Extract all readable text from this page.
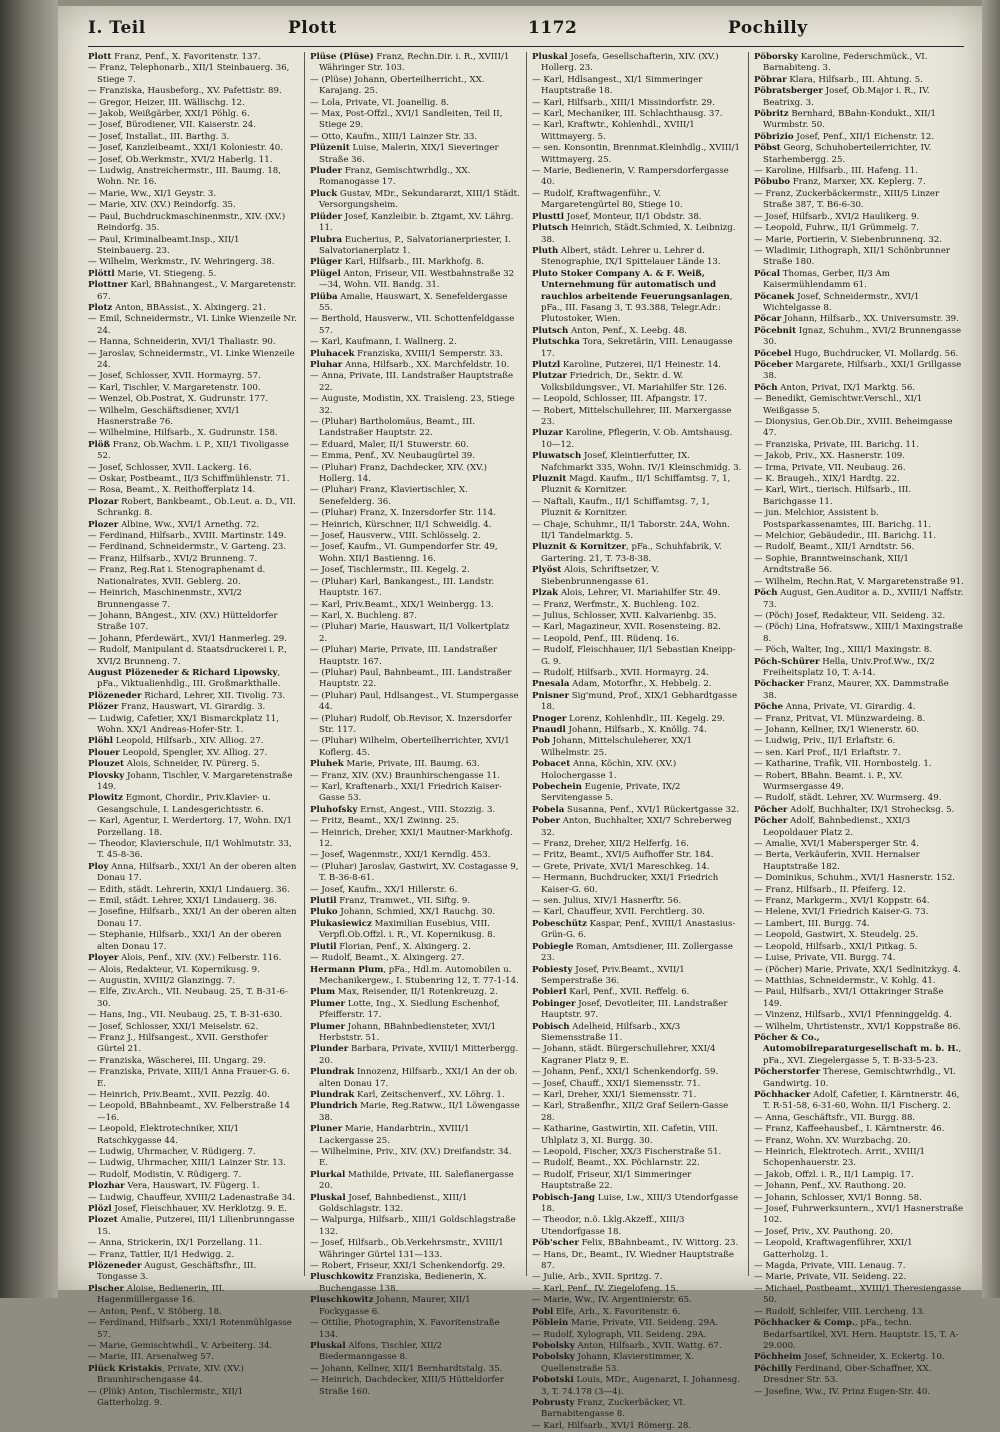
I. Teil	Plott	1172	Pochilly

Plott Franz, Penf., X. Favoritenstr. 137.

— Franz, Telephonarb., XII/1 Steinbauerg. 36, Stiege 7.

— Franziska, Hausbeforg., XV. Pafettistr. 89.

— Gregor, Heizer, III. Wällischg. 12.

— Jakob, Weißgärber, XXI/1 Pöhlg. 6.

— Josef, Bürodiener, VII. Kaiserstr. 24.

— Josef, Installat., III. Barthg. 3.

— Josef, Kanzleibeamt., XXI/1 Koloniestr. 40.

— Josef, Ob.Werkmstr., XVI/2 Haberlg. 11.

— Ludwig, Anstreichermstr., III. Baumg. 18, Wohn. Nr. 16.

— Marie, Ww., XI/1 Geystr. 3.

— Marie, XIV. (XV.) Reindorfg. 35.

— Paul, Buchdruckmaschinenmstr., XIV. (XV.) Reindorfg. 35.

— Paul, Kriminalbeamt.Insp., XII/1 Steinbauerg. 23.

— Wilhelm, Werkmstr., IV. Wehringerg. 38.

Plöttl Marie, VI. Stiegeng. 5.

Plottner Karl, BBahnangest., V. Margaretenstr. 67.

Plotz Anton, BBAssist., X. Alxingerg. 21.

— Emil, Schneidermstr., VI. Linke Wienzeile Nr. 24.

— Hanna, Schneiderin, XVI/1 Thaliastr. 90.

— Jaroslav, Schneidermstr., VI. Linke Wienzeile 24.

— Josef, Schlosser, XVII. Hormayrg. 57.

— Karl, Tischler, V. Margaretenstr. 100.

— Wenzel, Ob.Postrat, X. Gudrunstr. 177.

— Wilhelm, Geschäftsdiener, XVI/1 Hasnerstraße 76.

— Wilhelmine, Hilfsarb., X. Gudrunstr. 158.

Plöß Franz, Ob.Wachm. i. P., XII/1 Tivoligasse 52.

— Josef, Schlosser, XVII. Lackerg. 16.

— Oskar, Postbeamt., II/3 Schiffmühlenstr. 71.

— Rosa, Beamt., X. Reithofferplatz 14.

Plozar Robert, Bankbeamt., Ob.Leut. a. D., VII. Schrankg. 8.

Plozer Albine, Ww., XVI/1 Arnethg. 72.

— Ferdinand, Hilfsarb., XVIII. Martinstr. 149.

— Ferdinand, Schneidermstr., V. Garteng. 23.

— Franz, Hilfsarb., XVI/2 Brunneng. 7.

— Franz, Reg.Rat i. Stenographenamt d. Nationalrates, XVII. Geblerg. 20.

— Heinrich, Maschinenmstr., XVI/2 Brunnengasse 7.

— Johann, BAngest., XIV. (XV.) Hütteldorfer Straße 107.

— Johann, Pferdewärt., XVI/1 Hanmerleg. 29.

— Rudolf, Manipulant d. Staatsdruckerei i. P., XVI/2 Brunneng. 7.

August Plözeneder & Richard Lipowsky, pFa., Viktualienhdlg., III. Großmarkthalle.

Plözeneder Richard, Lehrer, XII. Tivolig. 73.

Plözer Franz, Hauswart, VI. Girardig. 3.

— Ludwig, Cafetier, XX/1 Bismarckplatz 11, Wohn. XX/1 Andreas-Hofer-Str. 1.

Plöhl Leopold, Hilfsarb., XIV. Alliog. 27.

Plouer Leopold, Spengler, XV. Alliog. 27.

Plouzet Alois, Schneider, IV. Pürerg. 5.

Plovsky Johann, Tischler, V. Margaretenstraße 149.

Plowitz Egmont, Chordir., Priv.Klavier- u. Gesangschule, I. Landesgerichtsstr. 6.

— Karl, Agentur, I. Werdertorg. 17, Wohn. IX/1 Porzellang. 18.

— Theodor, Klavierschule, II/1 Wohlmutstr. 33, T. 45-8-36.

Ploy Anna, Hilfsarb., XXI/1 An der oberen alten Donau 17.

— Edith, städt. Lehrerin, XXI/1 Lindauerg. 36.

— Emil, städt. Lehrer, XXI/1 Lindauerg. 36.

— Josefine, Hilfsarb., XXI/1 An der oberen alten Donau 17.

— Stephanie, Hilfsarb., XXI/1 An der oberen alten Donau 17.

Ployer Alois, Penf., XIV. (XV.) Felberstr. 116.

— Alois, Redakteur, VI. Kopernikusg. 9.

— Augustin, XVIII/2 Glanzingg. 7.

— Elfe, Ziv.Arch., VII. Neubaug. 25, T. B-31-6-30.

— Hans, Ing., VII. Neubaug. 25, T. B-31-630.

— Josef, Schlosser, XXI/1 Meiselstr. 62.

— Franz J., Hilfsangest., XVII. Gersthofer Gürtel 21.

— Franziska, Wäscherei, III. Ungarg. 29.

— Franziska, Private, XIII/1 Anna Frauer-G. 6. E.

— Heinrich, Priv.Beamt., XVII. Pezzlg. 40.

— Leopold, BBahnbeamt., XV. Felberstraße 14—16.

— Leopold, Elektrotechniker, XII/1 Ratschkygasse 44.

— Ludwig, Uhrmacher, V. Rüdigerg. 7.

— Ludwig, Uhrmacher, XIII/1 Lainzer Str. 13.

— Rudolf, Modistin, V. Rüdigerg. 7.

Plozhar Vera, Hauswart, IV. Fügerg. 1.

— Ludwig, Chauffeur, XVIII/2 Ladenastraße 34.

Plözl Josef, Fleischhauer, XV. Herklotzg. 9. E.

Plozet Amalie, Putzerei, III/1 Lilienbrunngasse 15.

— Anna, Strickerin, IX/1 Porzellang. 11.

— Franz, Tattler, II/1 Hedwigg. 2.

Plözeneder August, Geschäftsfhr., III. Tongasse 3.

Plscher Aloise, Bedienerin, III. Hagenmüllergasse 16.

— Anton, Penf., V. Stöberg. 18.

— Ferdinand, Hilfsarb., XXI/1 Rotenmühlgasse 57.

— Marie, Gemischtwhdl., V. Arbeiterg. 34.

— Marie, III. Arsenalweg 57.

Plück Kristakis, Private, XIV. (XV.) Braunhirschengasse 44.

— (Plük) Anton, Tischlermstr., XII/1 Gatterholzg. 9.

Plüse (Plüse) Franz, Rechn.Dir. i. R., XVIII/1 Währinger Str. 103.

— (Plüse) Johann, Oberteilherricht., XX. Karajang. 25.

— Lola, Private, VI. Joanellig. 8.

— Max, Post-Offzl., XVI/1 Sandleiten, Teil II, Stiege 29.

— Otto, Kaufm., XIII/1 Lainzer Str. 33.

Plüzenit Luise, Malerin, XIX/1 Sieveringer Straße 36.

Pluder Franz, Gemischtwrhdlg., XX. Romanogasse 17.

Pluck Gustav, MDr., Sekundararzt, XIII/1 Städt. Versorgungsheim.

Plüder Josef, Kanzleibir. b. Ztgamt, XV. Lährg. 11.

Plubra Eucherius, P., Salvatorianerpriester, I. Salvatorianerplatz 1.

Plüger Karl, Hilfsarb., III. Markhofg. 8.

Plügel Anton, Friseur, VII. Westbahnstraße 32—34, Wohn. VII. Bandg. 31.

Plüba Amalie, Hauswart, X. Senefeldergasse 55.

— Berthold, Hausverw., VII. Schottenfeldgasse 57.

— Karl, Kaufmann, I. Wallnerg. 2.

Pluhacek Franziska, XVIII/1 Semperstr. 33.

Pluhar Anna, Hilfsarb., XX. Marchfeldstr. 10.

— Anna, Private, III. Landstraßer Hauptstraße 22.

— Auguste, Modistin, XX. Traisleng. 23, Stiege 32.

— (Pluhar) Bartholomäus, Beamt., III. Landstraßer Hauptstr. 22.

— Eduard, Maler, II/1 Stuwerstr. 60.

— Emma, Penf., XV. Neubaugürtel 39.

— (Pluhar) Franz, Dachdecker, XIV. (XV.) Hollerg. 14.

— (Pluhar) Franz, Klaviertischler, X. Senefelderg. 36.

— (Pluhar) Franz, X. Inzersdorfer Str. 114.

— Heinrich, Kürschner, II/1 Schweidlg. 4.

— Josef, Hausverw., VIII. Schlösselg. 2.

— Josef, Kaufm., VI. Gumpendorfer Str. 49, Wohn. XII/1 Bastienng. 16.

— Josef, Tischlermstr., III. Kegelg. 2.

— (Pluhar) Karl, Bankangest., III. Landstr. Hauptstr. 167.

— Karl, Priv.Beamt., XIX/1 Weinbergg. 13.

— Karl, X. Buchleng. 87.

— (Pluhar) Marie, Hauswart, II/1 Volkertplatz 2.

— (Pluhar) Marie, Private, III. Landstraßer Hauptstr. 167.

— (Pluhar) Paul, Bahnbeamt., III. Landstraßer Hauptstr. 22.

— (Pluhar) Paul, Hdlsangest., VI. Stumpergasse 44.

— (Pluhar) Rudolf, Ob.Revisor, X. Inzersdorfer Str. 117.

— (Pluhar) Wilhelm, Oberteilherrichter, XVI/1 Koflerg. 45.

Pluhek Marie, Private, III. Baumg. 63.

— Franz, XIV. (XV.) Braunhirschengasse 11.

— Karl, Kraftenarb., XXI/1 Friedrich Kaiser-Gasse 53.

Pluhofsky Ernst, Angest., VIII. Stozzig. 3.

— Fritz, Beamt., XX/1 Zwinng. 25.

— Heinrich, Dreher, XXI/1 Mautner-Markhofg. 12.

— Josef, Wagenmstr., XXI/1 Kerndlg. 453.

— (Pluhar) Jaroslav, Gastwirt, XV. Costagasse 9, T. B-36-8-61.

— Josef, Kaufm., XX/1 Hillerstr. 6.

Plutil Franz, Tramwet., VII. Siftg. 9.

Pluko Johann, Schmied, XX/1 Rauchg. 30.

Plukasiewicz Maximilian Eusebius, VIII. Verpfl.Ob.Offzl. i. R., VI. Kopernikusg. 8.

Plutil Florian, Penf., X. Alxingerg. 2.

— Rudolf, Beamt., X. Alxingerg. 27.

Hermann Plum, pFa., Hdl.m. Automobilen u. Mechanikergew., I. Stubenring 12, T. 77-1-14.

Plum Max, Reisender, II/1 Rotenkreuzg. 2.

Plumer Lotte, Ing., X. Siedlung Eschenhof, Pfeifferstr. 17.

Plumer Johann, BBahnbediensteter, XVI/1 Herbststr. 51.

Plunder Barbara, Private, XVIII/1 Mitterbergg. 20.

Plundrak Innozenz, Hilfsarb., XXI/1 An der ob. alten Donau 17.

Plundrak Karl, Zeitschenverf., XV. Löhrg. 1.

Plundrich Marie, Reg.Ratww., II/1 Löwengasse 38.

Pluner Marie, Handarbtrin., XVIII/1 Lackergasse 25.

— Wilhelmine, Priv., XIV. (XV.) Dreifandstr. 34. E.

Plurkal Mathilde, Private, III. Saleflanergasse 20.

Pluskal Josef, Bahnbedienst., XIII/1 Goldschlagstr. 132.

— Walpurga, Hilfsarb., XIII/1 Goldschlagstraße 132.

— Josef, Hilfsarb., Ob.Verkehrsmstr., XVIII/1 Währinger Gürtel 131—133.

— Robert, Friseur, XXI/1 Schenkendorfg. 29.

Pluschkowitz Franziska, Bedienerin, X. Buchengasse 138.

Pluschkowitz Johann, Maurer, XII/1 Fockygasse 6.

— Ottilie, Photographin, X. Favoritenstraße 134.

Pluskal Alfons, Tischler, XII/2 Biedermanngasse 8.

— Johann, Kellner, XII/1 Bernhardtstalg. 35.

— Heinrich, Dachdecker, XIII/5 Hütteldorfer Straße 160.

Pluskal Josefa, Gesellschafterin, XIV. (XV.) Hollerg. 23.

— Karl, Hdlsangest., XI/1 Simmeringer Hauptstraße 18.

— Karl, Hilfsarb., XIII/1 Missindorfstr. 29.

— Karl, Mechaniker, III. Schlachthausg. 37.

— Karl, Kraftwtr., Kohlenhdl., XVIII/1 Wittmayerg. 5.

— sen. Konsontin, Brennmat.Kleinhdlg., XVIII/1 Wittmayerg. 25.

— Marie, Bedienerin, V. Rampersdorfergasse 40.

— Rudolf, Kraftwagenführ., V. Margaretengürtel 80, Stiege 10.

Plusttl Josef, Monteur, II/1 Obdstr. 38.

Plutsch Heinrich, Städt.Schmied, X. Leibnizg. 38.

Pluth Albert, städt. Lehrer u. Lehrer d. Stenographie, IX/1 Spittelauer Lände 13.

Pluto Stoker Company A. & F. Weiß, Unternehmung für automatisch und rauchlos arbeitende Feuerungsanlagen, pFa., III. Fasang 3, T. 93.388, Telegr.Adr.: Plutostoker, Wien.

Plutsch Anton, Penf., X. Leebg. 48.

Plutschka Tora, Sekretärin, VIII. Lenaugasse 17.

Plutzl Karoline, Putzerei, II/1 Heinestr. 14.

Plutzar Friedrich, Dr., Sektr. d. W. Volksbildungsver., VI. Mariahilfer Str. 126.

— Leopold, Schlosser, III. Afpangstr. 17.

— Robert, Mittelschullehrer, III. Marxergasse 23.

Pluzar Karoline, Pflegerin, V. Ob. Amtshausg. 10—12.

Pluwatsch Josef, Kleintierfutter, IX. Nafchmarkt 335, Wohn. IV/1 Kleinschmidg. 3.

Pluznit Magd. Kaufm., II/1 Schiffamtsg. 7, 1, Pluznit & Kornitzer.

— Naftali, Kaufm., II/1 Schiffamtsg. 7, 1, Pluznit & Kornitzer.

— Chaje, Schuhmr., II/1 Taborstr. 24A, Wohn. II/1 Tandelmarktg. 5.

Pluznit & Kornitzer, pFa., Schuhfabrik, V. Gartering. 21, T. 73-8-38.

Plyöst Alois, Schriftsetzer, V. Siebenbrunnengasse 61.

Plzak Alois, Lehrer, VI. Mariahilfer Str. 49.

— Franz, Werfmstr., X. Buchleng. 102.

— Julius, Schlosser, XVII. Kalvarienbg. 35.

— Karl, Magazineur, XVII. Rosensteing. 82.

— Leopold, Penf., III. Rüdenq. 16.

— Rudolf, Fleischhauer, II/1 Sebastian Kneipp-G. 9.

— Rudolf, Hilfsarb., XVII. Hormayrg. 24.

Pnesala Adam, Motorfhr., X. Hebbelg. 2.

Pnisner Sig'mund, Prof., XIX/1 Gebhardtgasse 18.

Pnoger Lorenz, Kohlenhdlr., III. Kegelg. 29.

Pnaudl Johann, Hilfsarb., X. Knöllg. 74.

Pob Johann, Mittelschuleherer, XX/1 Wilhelmstr. 25.

Pobacet Anna, Köchin, XIV. (XV.) Holochergasse 1.

Pobechein Eugenie, Private, IX/2 Servitengasse 5.

Pobela Susanna, Penf., XVI/1 Rückertgasse 32.

Pober Anton, Buchhalter, XXI/7 Schreberweg 32.

— Franz, Dreher, XII/2 Helferfg. 16.

— Fritz, Beamt., XVI/5 Aufhoffer Str. 184.

— Grete, Private, XVI/1 Mareschkeg. 14.

— Hermann, Buchdrucker, XXI/1 Friedrich Kaiser-G. 60.

— sen. Julius, XIV/1 Hasnerftr. 56.

— Karl, Chauffeur, XVII. Ferchtlerg. 30.

Pobeschütz Kaspar, Penf., XVIII/1 Anastasius-Grün-G. 6.

Pobiegle Roman, Amtsdiener, III. Zollergasse 23.

Pobiesty Josef, Priv.Beamt., XVII/1 Semperstraße 36.

Pobierl Karl, Penf., XVII. Reffelg. 6.

Pobinger Josef, Devotleiter, III. Landstraßer Hauptstr. 97.

Pobisch Adelheid, Hilfsarb., XX/3 Siemensstraße 11.

— Johann, städt. Bürgerschullehrer, XXI/4 Kagraner Platz 9, E.

— Johann, Penf., XXI/1 Schenkendorfg. 59.

— Josef, Chauff., XXI/1 Siemensstr. 71.

— Karl, Dreher, XXI/1 Siemensstr. 71.

— Karl, Straßenfhr., XII/2 Graf Seilern-Gasse 28.

— Katharine, Gastwirtin, XII. Cafetin, VIII. Uhlplatz 3, XI. Burgg. 30.

— Leopold, Fischer, XX/3 Fischerstraße 51.

— Rudolf, Beamt., XX. Pöchlarnstr. 22.

— Rudolf, Friseur, XI/1 Simmeringer Hauptstraße 22.

Pobisch-Jang Luise, Lw., XIII/3 Utendorfgasse 18.

— Theodor, n.ö. Lklg.Akzeff., XIII/3 Utendorfgasse 18.

Pöb'scher Felix, BBahnbeamt., IV. Wittorg. 23.

— Hans, Dr., Beamt., IV. Wiedner Hauptstraße 87.

— Julie, Arb., XVII. Spritzg. 7.

— Karl, Penf., IV. Ziegelofeng. 15.

— Marie, Ww., IV. Argentinierstr. 65.

Pobl Elfe, Arb., X. Favoritenstr. 6.

Pöblein Marie, Private, VII. Seideng. 29A.

— Rudolf, Xylograph, VII. Seideng. 29A.

Pobolsky Anton, Hilfsarb., XVII. Wattg. 67.

Pobolsky Johann, Klavierstimmer, X. Quellenstraße 53.

Pobotski Louis, MDr., Augenarzt, I. Johannesg. 3, T. 74.178 (3—4).

Pobrusty Franz, Zuckerbäcker, VI. Barnabitengasse 8.

— Karl, Hilfsarb., XVI/1 Römerg. 28.

Pöborsky Karoline, Federschmück., VI. Barnabiteng. 3.

Pöbrar Klara, Hilfsarb., III. Ahtung. 5.

Pöbratsberger Josef, Ob.Major i. R., IV. Beatrixg. 3.

Pöbritz Bernhard, BBahn-Kondukt., XII/1 Wurmbstr. 50.

Pöbrizio Josef, Penf., XII/1 Eichenstr. 12.

Pöbst Georg, Schuhoberteilerrichter, IV. Starhembergg. 25.

— Karoline, Hilfsarb., III. Hafeng. 11.

Pöbubo Franz, Marxer, XX. Keplerg. 7.

— Franz, Zuckerbäckermstr., XIII/5 Linzer Straße 387, T. B6-6-30.

— Josef, Hilfsarb., XVI/2 Haulikerg. 9.

— Leopold, Fuhrw., II/1 Grümmelg. 7.

— Marie, Portierin, V. Siebenbrunnenq. 32.

— Wladimir, Lithograph, XII/1 Schönbrunner Straße 180.

Pöcal Thomas, Gerber, II/3 Am Kaisermühlendamm 61.

Pöcanek Josef, Schneidermstr., XVI/1 Wichtelgasse 8.

Pöcar Johann, Hilfsarb., XX. Universumstr. 39.

Pöcebnit Ignaz, Schuhm., XVI/2 Brunnengasse 30.

Pöcebel Hugo, Buchdrucker, VI. Mollardg. 56.

Pöceber Margarete, Hilfsarb., XXI/1 Grillgasse 38.

Pöch Anton, Privat, IX/1 Marktg. 56.

— Benedikt, Gemischtwr.Verschl., XI/1 Weißgasse 5.

— Dionysius, Ger.Ob.Dir., XVIII. Beheimgasse 47.

— Franziska, Private, III. Barichg. 11.

— Jakob, Priv., XX. Hasnerstr. 109.

— Irma, Private, VII. Neubaug. 26.

— K. Braugeh., XIX/1 Hardtg. 22.

— Karl, Wirt., tierisch. Hilfsarb., III. Barichgasse 11.

— jun. Melchior, Assistent b. Postsparkassenamtes, III. Barichg. 11.

— Melchior, Gebäudedir., III. Barichg. 11.

— Rudolf, Beamt., XII/1 Arndtstr. 56.

— Sophie, Branntweinschank, XII/1 Arndtstraße 56.

— Wilhelm, Rechn.Rat, V. Margaretenstraße 91.

Pöch August, Gen.Auditor a. D., XVIII/1 Naffstr. 73.

— (Pöch) Josef, Redakteur, VII. Seideng. 32.

— (Pöch) Lina, Hofratsww., XIII/1 Maxingstraße 8.

— Pöch, Walter, Ing., XIII/1 Maxingstr. 8.

Pöch-Schürer Hella, Univ.Prof.Ww., IX/2 Freiheitsplatz 10, T. A-14.

Pöchacker Franz, Maurer, XX. Dammstraße 38.

Pöche Anna, Private, VI. Girardig. 4.

— Franz, Pritvat, VI. Münzwardeing. 8.

— Johann, Kellner, IX/1 Wienerstr. 60.

— Ludwig, Priv., II/1 Erlaftstr. 6.

— sen. Karl Prof., II/1 Erlaftstr. 7.

— Katharine, Trafik, VII. Hornbostelg. 1.

— Robert, BBahn. Beamt. i. P., XV. Wurmsergasse 49.

— Rudolf, städt. Lehrer, XV. Wurmserg. 49.

Pöcher Adolf, Buchhalter, IX/1 Strohecksg. 5.

Pöcher Adolf, Bahnbedienst., XXI/3 Leopoldauer Platz 2.

— Amalie, XVI/1 Mabersperger Str. 4.

— Berta, Verkäuferin, XVII. Hernalser Hauptstraße 182.

— Dominikus, Schuhm., XVI/1 Hasnerstr. 152.

— Franz, Hilfsarb., II. Pfeiferg. 12.

— Franz, Markgerm., XVI/1 Koppstr. 64.

— Helene, XVI/1 Friedrich Kaiser-G. 73.

— Lambert, III. Burgg. 74.

— Leopold, Gastwirt, X. Steudelg. 25.

— Leopold, Hilfsarb., XXI/1 Pitkag. 5.

— Luise, Private, VII. Burgg. 74.

— (Pöcher) Marie, Private, XX/1 Sedlnitzkyg. 4.

— Matthias, Schneidermstr., V. Kohlg. 41.

— Paul, Hilfsarb., XVI/1 Ottakringer Straße 149.

— Vinzenz, Hilfsarb., XVI/1 Pfenninggeldg. 4.

— Wilhelm, Uhrtistenstr., XVI/1 Koppstraße 86.

Pöcher & Co., Automobilreparaturgesellschaft m. b. H., pFa., XVI. Ziegelergasse 5, T. B-33-5-23.

Pöcherstorfer Therese, Gemischtwrhdlg., VI. Gandwirtg. 10.

Pöchhacker Adolf, Cafetier, I. Kärntnerstr. 46, T. R-51-58, 6-31-60, Wohn. II/1 Fischerg. 2.

— Anna, Geschäftsfr., VII. Burgg. 88.

— Franz, Kaffeehausbef., I. Kärntnerstr. 46.

— Franz, Wohn. XV. Wurzbachg. 20.

— Heinrich, Elektrotech. Arrit., XVIII/1 Schopenhauerstr. 23.

— Jakob, Offzl. i. R., II/1 Lampig. 17.

— Johann, Penf., XV. Rauthong. 20.

— Johann, Schlosser, XVI/1 Bonng. 58.

— Josef, Fuhrwerksuntern., XVI/1 Hasnerstraße 102.

— Josef, Priv., XV. Pauthong. 20.

— Leopold, Kraftwagenführer, XXI/1 Gatterholzg. 1.

— Magda, Private, VIII. Lenaug. 7.

— Marie, Private, VII. Seideng. 22.

— Michael, Postbeamt., XVIII/1 Theresiengasse 50.

— Rudolf, Schleifer, VIII. Lercheng. 13.

Pöchhacker & Comp., pFa., techn. Bedarfsartikel, XVI. Hern. Hauptstr. 15, T. A-29.000.

Pöchheim Josef, Schneider, X. Eckertg. 10.

Pöchilly Ferdinand, Ober-Schaffner, XX. Dresdner Str. 53.

— Josefine, Ww., IV. Prinz Eugen-Str. 40.
